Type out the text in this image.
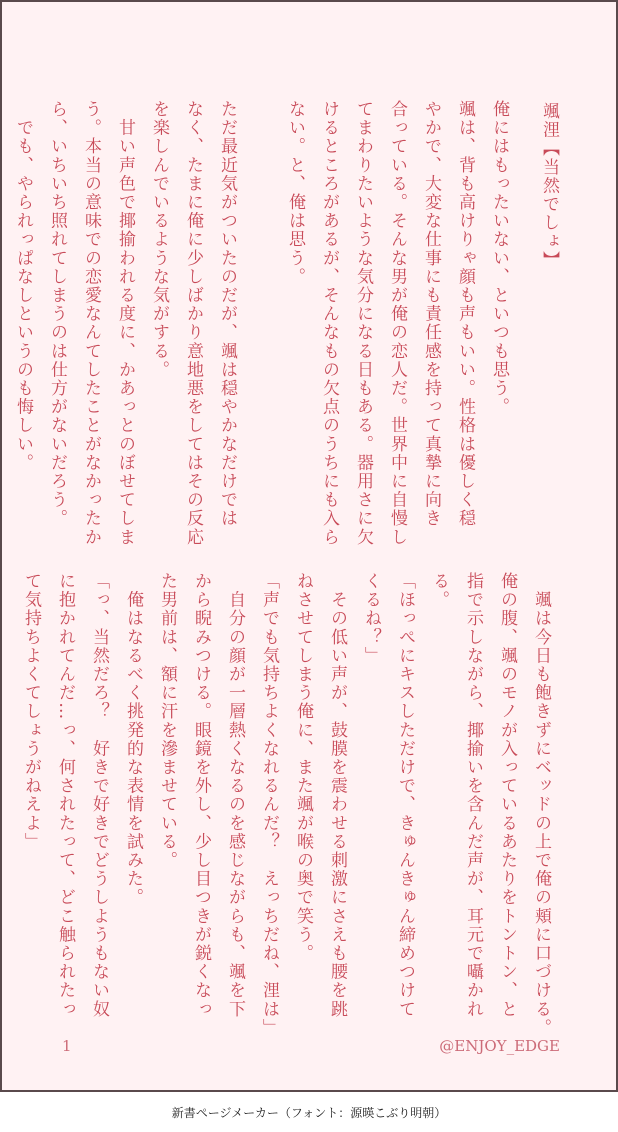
颯浬【当然でしょ】
俺にはもったいない、といつも思う。
颯は、背も高けりゃ顔も声もいい。性格は優しく穏
やかで、大変な仕事にも責任感を持って真摯に向き
合っている。そんな男が俺の恋人だ。世界中に自慢し
てまわりたいような気分になる日もある。器用さに欠
けるところがあるが、そんなもの欠点のうちにも入ら
ない。と、俺は思う。

ただ最近気がついたのだが、颯は穏やかなだけでは
なく、たまに俺に少しばかり意地悪をしてはその反応
を楽しんでいるような気がする。
　甘い声色で揶揄われる度に、かあっとのぼせてしま
う。本当の意味での恋愛なんてしたことがなかったか
ら、いちいち照れてしまうのは仕方がないだろう。
　でも、やられっぱなしというのも悔しい。
　颯は今日も飽きずにベッドの上で俺の頬に口づける。
俺の腹、颯のモノが入っているあたりをトントン、と
指で示しながら、揶揄いを含んだ声が、耳元で囁かれ
る。
「ほっぺにキスしただけで、きゅんきゅん締めつけて
くるね？」
　その低い声が、鼓膜を震わせる刺激にさえも腰を跳
ねさせてしまう俺に、また颯が喉の奥で笑う。
「声でも気持ちよくなれるんだ？　えっちだね、浬は」
　自分の顔が一層熱くなるのを感じながらも、颯を下
から睨みつける。眼鏡を外し、少し目つきが鋭くなっ
た男前は、額に汗を滲ませている。
　俺はなるべく挑発的な表情を試みた。
「っ、当然だろ？　好きで好きでどうしようもない奴
に抱かれてんだ…っ、何されたって、どこ触られたっ
て気持ちよくてしょうがねえよ」
1	@ENJOY_EDGE
新書ページメーカー（フォント：源暎こぶり明朝）
